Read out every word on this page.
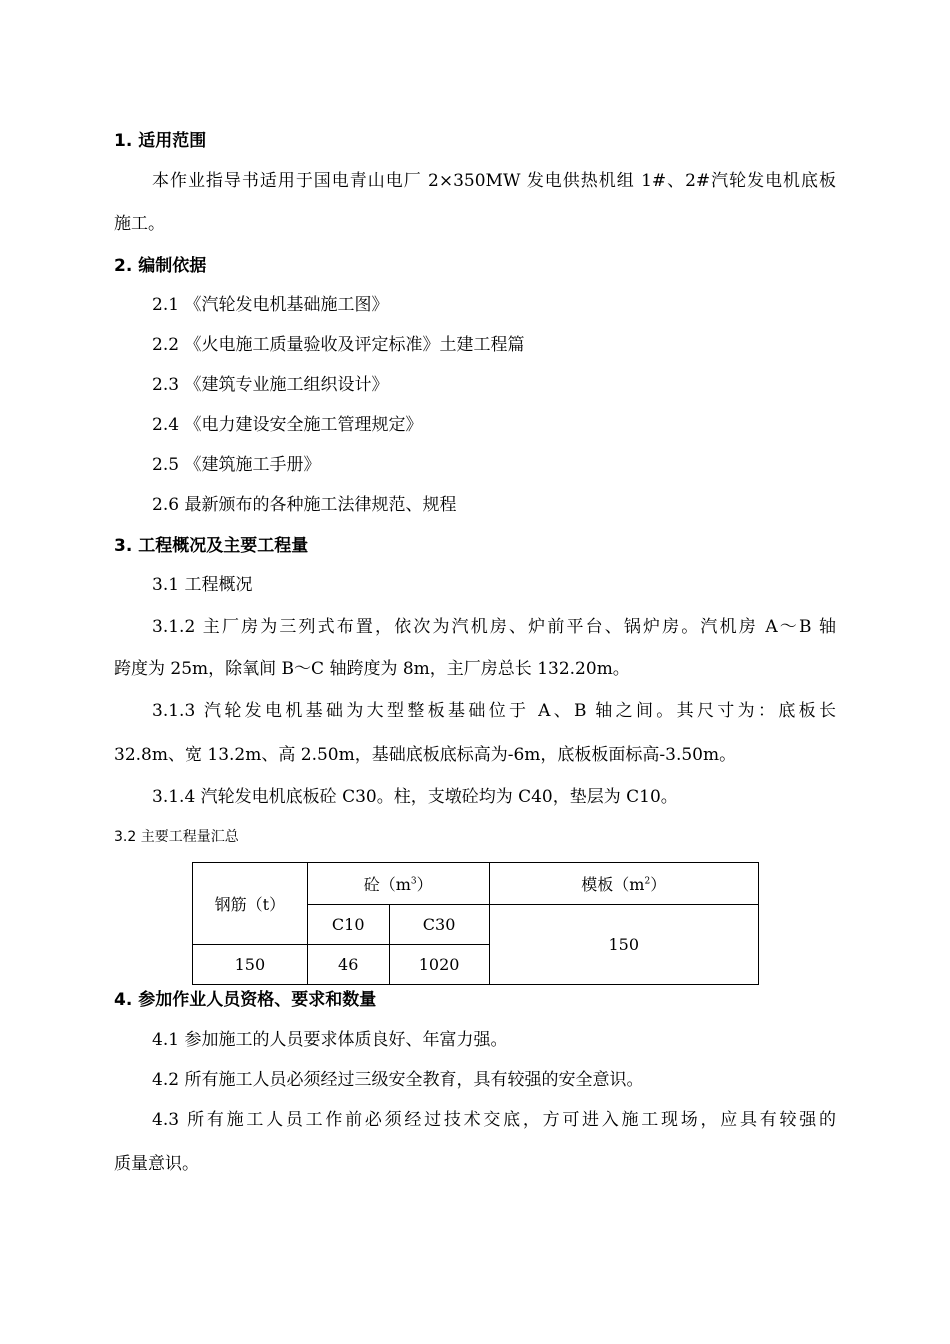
1. 适用范围
本作业指导书适用于国电青山电厂 2×350MW 发电供热机组 1#、2#汽轮发电机底板
施工。
2. 编制依据
2.1 《汽轮发电机基础施工图》
2.2 《火电施工质量验收及评定标准》土建工程篇
2.3 《建筑专业施工组织设计》
2.4 《电力建设安全施工管理规定》
2.5 《建筑施工手册》
2.6 最新颁布的各种施工法律规范、规程
3. 工程概况及主要工程量
3.1 工程概况
3.1.2 主厂房为三列式布置，依次为汽机房、炉前平台、锅炉房。汽机房 A～B 轴
跨度为 25m，除氧间 B～C 轴跨度为 8m，主厂房总长 132.20m。
3.1.3 汽轮发电机基础为大型整板基础位于 A、B 轴之间。其尺寸为：底板长
32.8m、宽 13.2m、高 2.50m，基础底板底标高为-6m，底板板面标高-3.50m。
3.1.4 汽轮发电机底板砼 C30。柱，支墩砼均为 C40，垫层为 C10。
3.2 主要工程量汇总
钢筋（t）	砼$(m^3)$		模板$(m^2)$
	C10	C30	150
150	46	1020	
4. 参加作业人员资格、要求和数量
4.1 参加施工的人员要求体质良好、年富力强。
4.2 所有施工人员必须经过三级安全教育，具有较强的安全意识。
4.3 所有施工人员工作前必须经过技术交底，方可进入施工现场，应具有较强的
质量意识。
